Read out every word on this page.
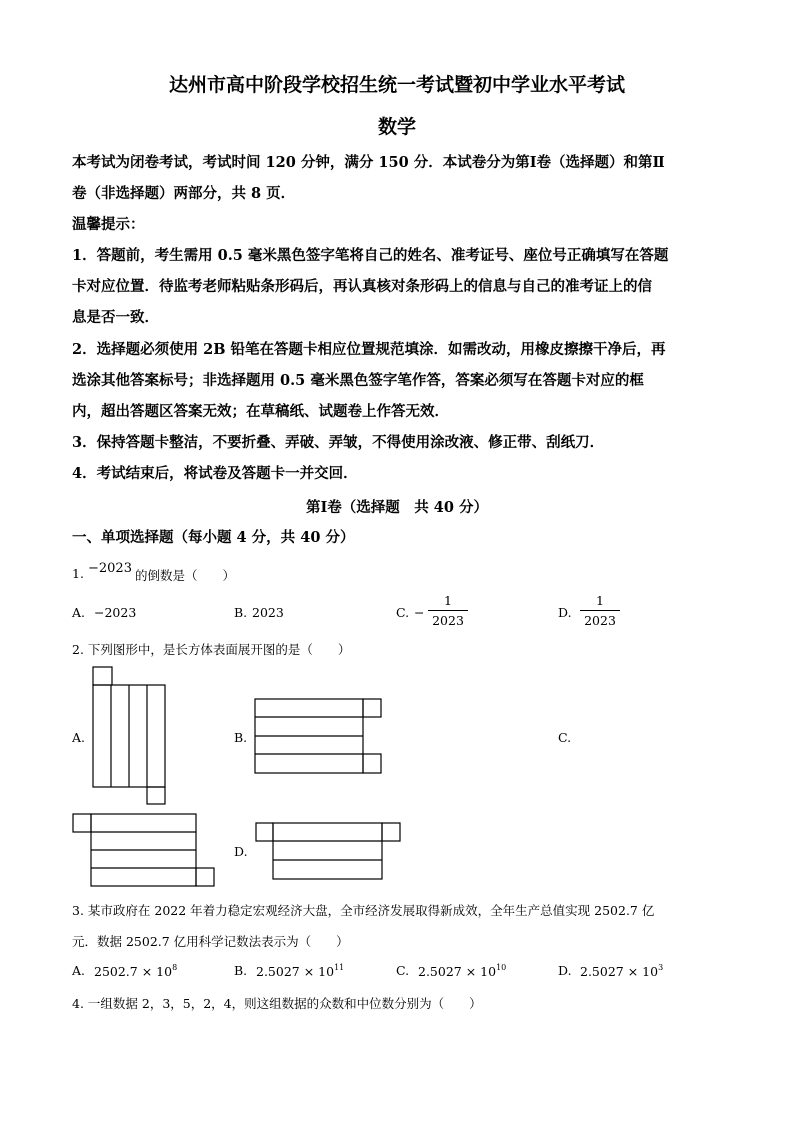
达州市高中阶段学校招生统一考试暨初中学业水平考试
数学
本考试为闭卷考试，考试时间 120 分钟，满分 150 分．本试卷分为第Ⅰ卷（选择题）和第Ⅱ
卷（非选择题）两部分，共 8 页．
温馨提示：
1．答题前，考生需用 0.5 毫米黑色签字笔将自己的姓名、准考证号、座位号正确填写在答题
卡对应位置．待监考老师粘贴条形码后，再认真核对条形码上的信息与自己的准考证上的信
息是否一致．
2．选择题必须使用 2B 铅笔在答题卡相应位置规范填涂．如需改动，用橡皮擦擦干净后，再
选涂其他答案标号；非选择题用 0.5 毫米黑色签字笔作答，答案必须写在答题卡对应的框
内，超出答题区答案无效；在草稿纸、试题卷上作答无效．
3．保持答题卡整洁，不要折叠、弄破、弄皱，不得使用涂改液、修正带、刮纸刀．
4．考试结束后，将试卷及答题卡一并交回．
第Ⅰ卷（选择题　共 40 分）
一、单项选择题（每小题 4 分，共 40 分）
1. −2023 的倒数是（　　）
A. −2023	B. 2023	C. −
1
2023
D.
1
2023
2. 下列图形中，是长方体表面展开图的是（　　）
A.	B.	C.
D.
3. 某市政府在 2022 年着力稳定宏观经济大盘，全市经济发展取得新成效，全年生产总值实现 2502.7 亿
元．数据 2502.7 亿用科学记数法表示为（　　）
A. $2502.7 \times 10^8$	B. $2.5027 \times 10^{11}$	C. $2.5027 \times 10^{10}$	D. $2.5027 \times 10^3$
4. 一组数据 2，3，5，2，4，则这组数据的众数和中位数分别为（　　）
